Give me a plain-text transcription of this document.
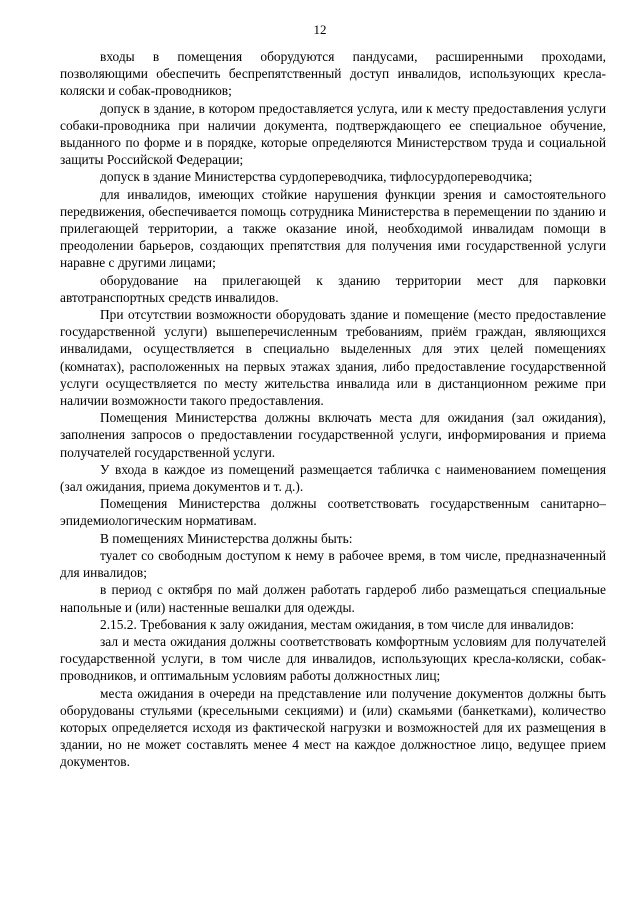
12

входы в помещения оборудуются пандусами, расширенными проходами, позволяющими обеспечить беспрепятственный доступ инвалидов, использующих кресла-коляски и собак-проводников;

допуск в здание, в котором предоставляется услуга, или к месту предоставления услуги собаки-проводника при наличии документа, подтверждающего ее специальное обучение, выданного по форме и в порядке, которые определяются Министерством труда и социальной защиты Российской Федерации;

допуск в здание Министерства сурдопереводчика, тифлосурдопереводчика;

для инвалидов, имеющих стойкие нарушения функции зрения и самостоятельного передвижения, обеспечивается помощь сотрудника Министерства в перемещении по зданию и прилегающей территории, а также оказание иной, необходимой инвалидам помощи в преодолении барьеров, создающих препятствия для получения ими государственной услуги наравне с другими лицами;

оборудование на прилегающей к зданию территории мест для парковки автотранспортных средств инвалидов.

При отсутствии возможности оборудовать здание и помещение (место предоставление государственной услуги) вышеперечисленным требованиям, приём граждан, являющихся инвалидами, осуществляется в специально выделенных для этих целей помещениях (комнатах), расположенных на первых этажах здания, либо предоставление государственной услуги осуществляется по месту жительства инвалида или в дистанционном режиме при наличии возможности такого предоставления.

Помещения Министерства должны включать места для ожидания (зал ожидания), заполнения запросов о предоставлении государственной услуги, информирования и приема получателей государственной услуги.

У входа в каждое из помещений размещается табличка с наименованием помещения (зал ожидания, приема документов и т. д.).

Помещения Министерства должны соответствовать государственным санитарно–эпидемиологическим нормативам.

В помещениях Министерства должны быть:

туалет со свободным доступом к нему в рабочее время, в том числе, предназначенный для инвалидов;

в период с октября по май должен работать гардероб либо размещаться специальные напольные и (или) настенные вешалки для одежды.

2.15.2. Требования к залу ожидания, местам ожидания, в том числе для инвалидов:

зал и места ожидания должны соответствовать комфортным условиям для получателей государственной услуги, в том числе для инвалидов, использующих кресла-коляски, собак-проводников, и оптимальным условиям работы должностных лиц;

места ожидания в очереди на представление или получение документов должны быть оборудованы стульями (кресельными секциями) и (или) скамьями (банкетками), количество которых определяется исходя из фактической нагрузки и возможностей для их размещения в здании, но не может составлять менее 4 мест на каждое должностное лицо, ведущее прием документов.
